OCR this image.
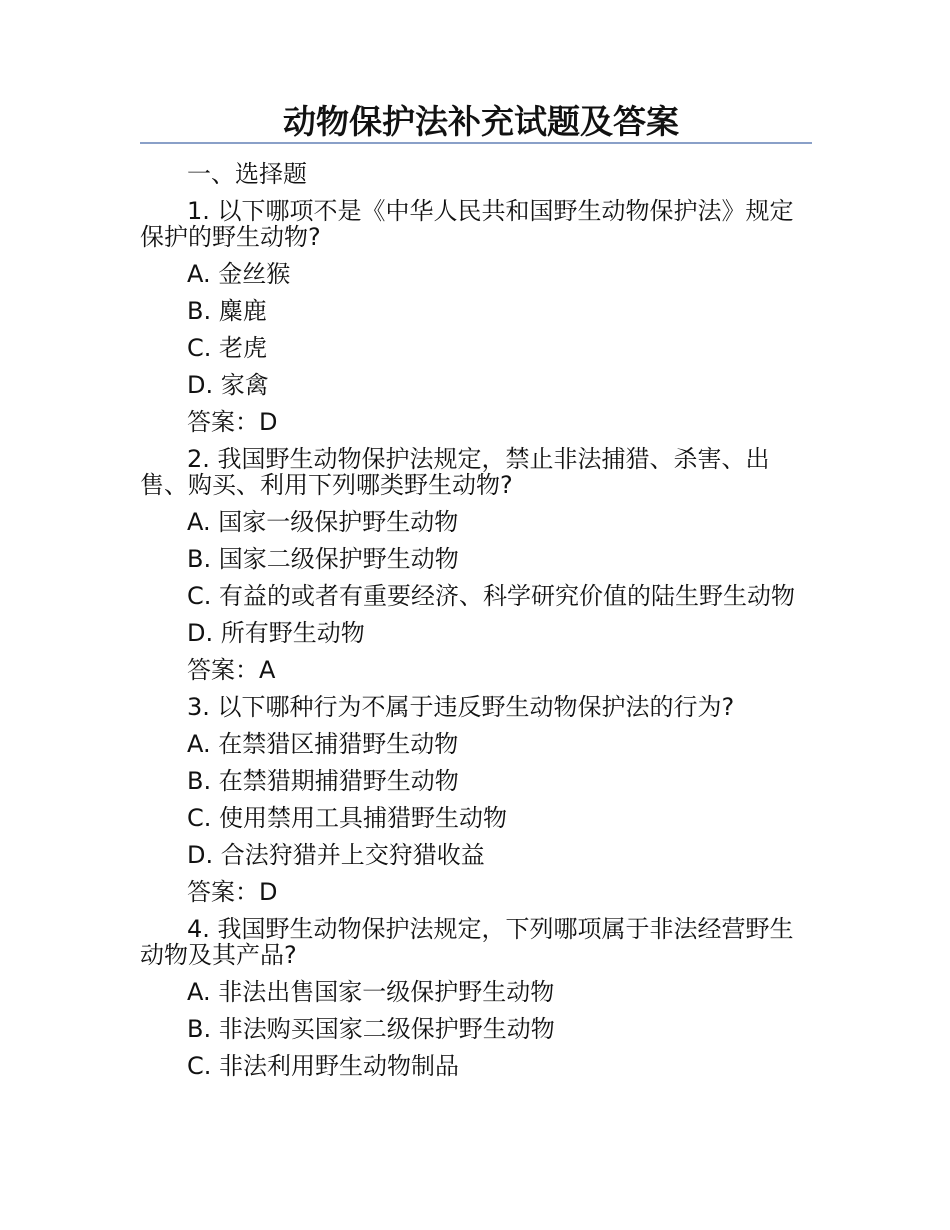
动物保护法补充试题及答案

一、选择题

1. 以下哪项不是《中华人民共和国野生动物保护法》规定保护的野生动物?

A. 金丝猴

B. 麋鹿

C. 老虎

D. 家禽

答案：D

2. 我国野生动物保护法规定，禁止非法捕猎、杀害、出售、购买、利用下列哪类野生动物?

A. 国家一级保护野生动物

B. 国家二级保护野生动物

C. 有益的或者有重要经济、科学研究价值的陆生野生动物

D. 所有野生动物

答案：A

3. 以下哪种行为不属于违反野生动物保护法的行为?

A. 在禁猎区捕猎野生动物

B. 在禁猎期捕猎野生动物

C. 使用禁用工具捕猎野生动物

D. 合法狩猎并上交狩猎收益

答案：D

4. 我国野生动物保护法规定，下列哪项属于非法经营野生动物及其产品?

A. 非法出售国家一级保护野生动物

B. 非法购买国家二级保护野生动物

C. 非法利用野生动物制品
